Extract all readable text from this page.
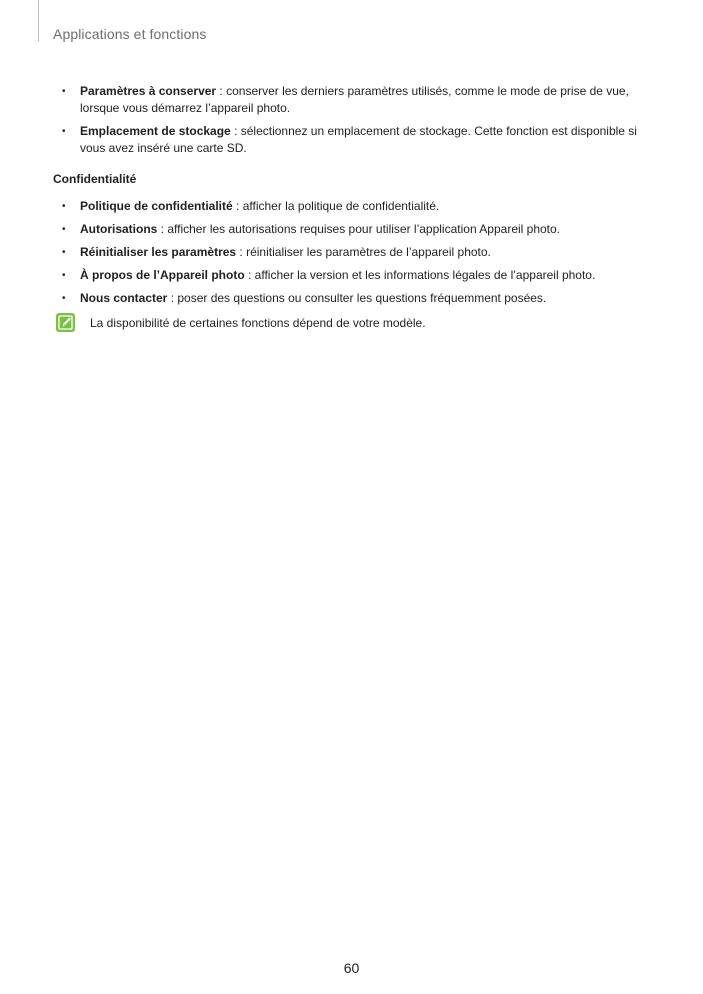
Applications et fonctions
• Paramètres à conserver : conserver les derniers paramètres utilisés, comme le mode de prise de vue, lorsque vous démarrez l’appareil photo.
• Emplacement de stockage : sélectionnez un emplacement de stockage. Cette fonction est disponible si vous avez inséré une carte SD.
Confidentialité
• Politique de confidentialité : afficher la politique de confidentialité.
• Autorisations : afficher les autorisations requises pour utiliser l’application Appareil photo.
• Réinitialiser les paramètres : réinitialiser les paramètres de l’appareil photo.
• À propos de l’Appareil photo : afficher la version et les informations légales de l’appareil photo.
• Nous contacter : poser des questions ou consulter les questions fréquemment posées.
La disponibilité de certaines fonctions dépend de votre modèle.
60
